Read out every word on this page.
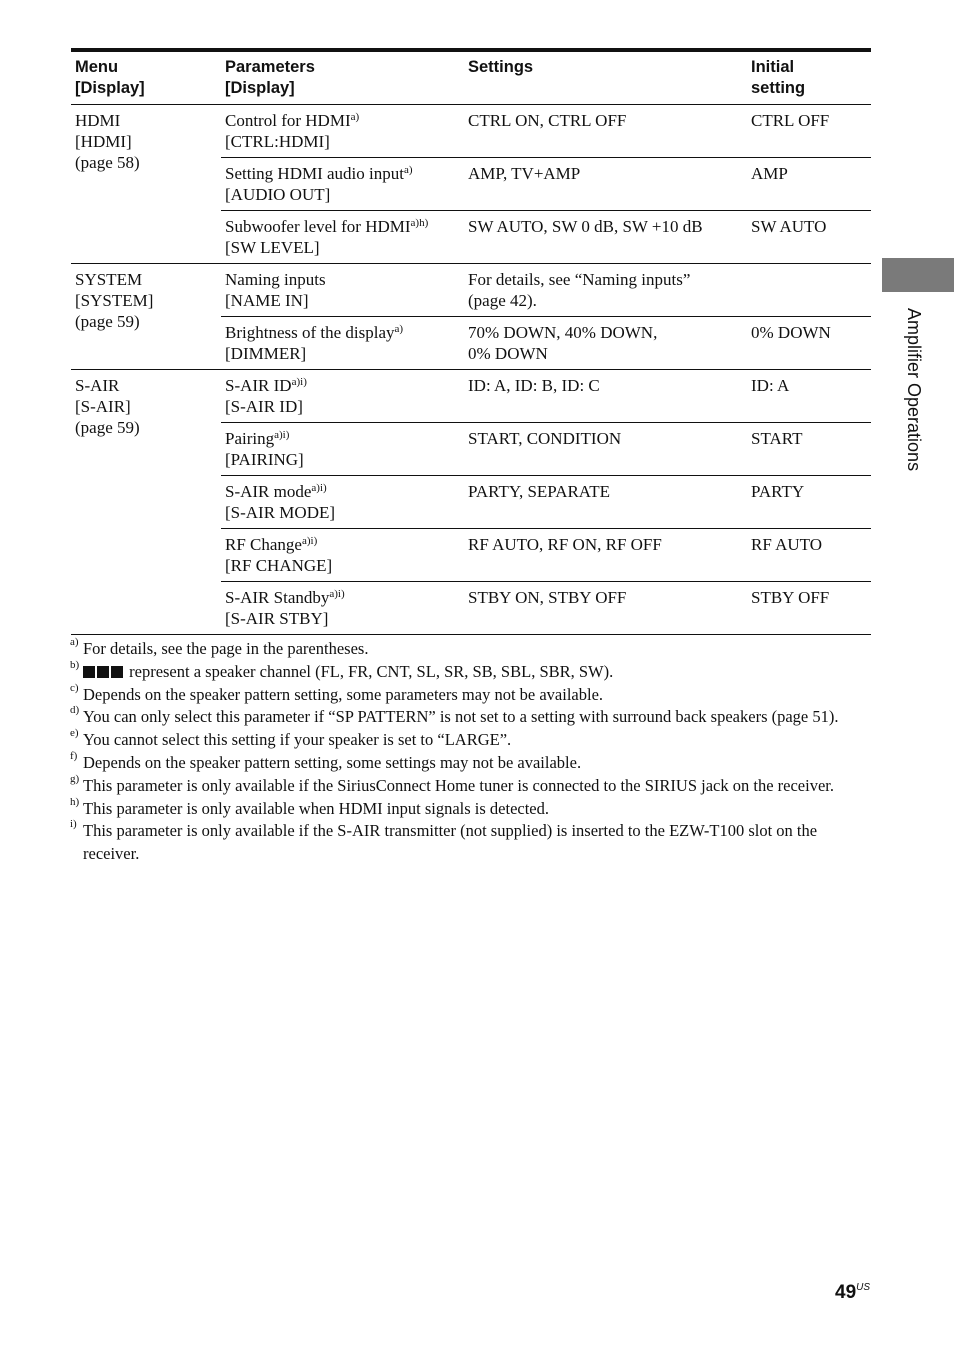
Menu
[Display]	Parameters
[Display]	Settings	Initial
setting

HDMI
[HDMI]
(page 58)	Control for HDMI$^{a)}$
[CTRL:HDMI]	CTRL ON, CTRL OFF	CTRL OFF

	Setting HDMI audio input$^{a)}$
[AUDIO OUT]	AMP, TV+AMP	AMP

	Subwoofer level for $HDMI^{a)h)}$
[SW LEVEL]	SW AUTO, SW 0 dB, SW +10 dB	SW AUTO

SYSTEM
[SYSTEM]
(page 59)	Naming inputs
[NAME IN]	For details, see “Naming inputs”
(page 42).	

	Brightness of the display$^{a)}$
[DIMMER]	70% DOWN, 40% DOWN,
0% DOWN	0% DOWN

S-AIR
[S-AIR]
(page 59)	S-AIR $ID^{a)i)}$
[S-AIR ID]	ID: A, ID: B, ID: C	ID: A

	Pairing$^{a)i)}$
[PAIRING]	START, CONDITION	START

	S-AIR mode$^{a)i)}$
[S-AIR MODE]	PARTY, SEPARATE	PARTY

	RF Change$^{a)i)}$
[RF CHANGE]	RF AUTO, RF ON, RF OFF	RF AUTO

	S-AIR Standby$^{a)i)}$
[S-AIR STBY]	STBY ON, STBY OFF	STBY OFF
Amplifier Operations
a) For details, see the page in the parentheses.
b)	represent a speaker channel (FL, FR, CNT, SL, SR, SB, SBL, SBR, SW).
c) Depends on the speaker pattern setting, some parameters may not be available.
d) You can only select this parameter if “SP PATTERN” is not set to a setting with surround back speakers (page 51).
e) You cannot select this setting if your speaker is set to “LARGE”.
f) Depends on the speaker pattern setting, some settings may not be available.
g) This parameter is only available if the SiriusConnect Home tuner is connected to the SIRIUS jack on the receiver.
h) This parameter is only available when HDMI input signals is detected.
i) This parameter is only available if the S-AIR transmitter (not supplied) is inserted to the EZW-T100 slot on the receiver.
$49^{US}$
